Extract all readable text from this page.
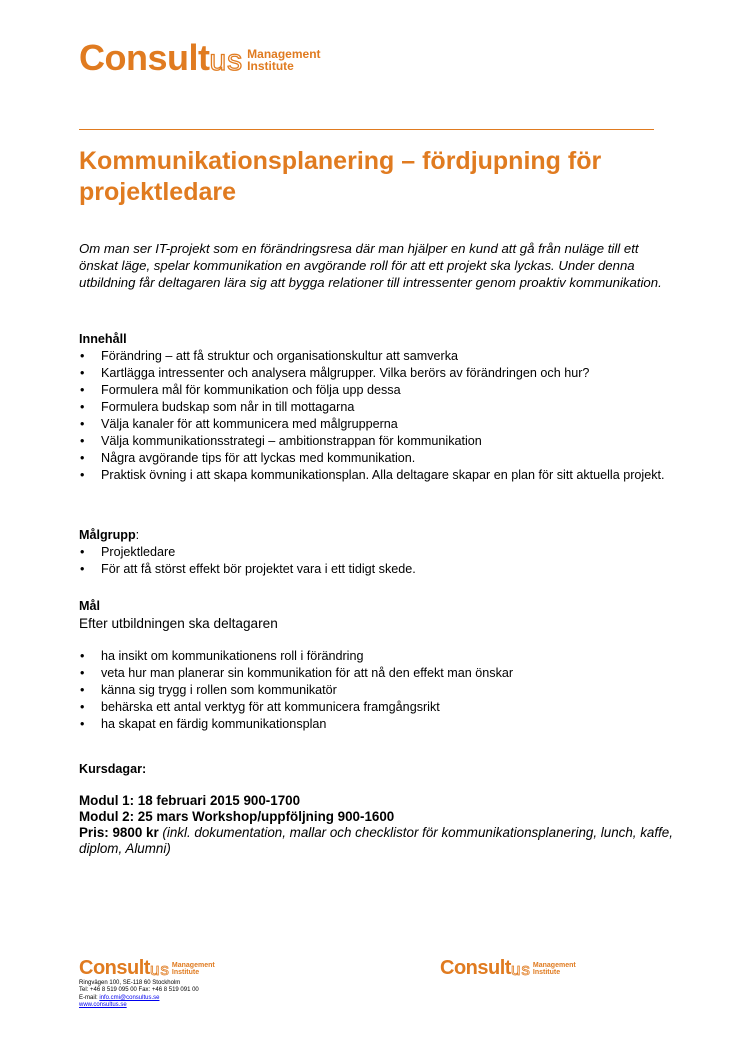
Consult us Management
Institute
Kommunikationsplanering – fördjupning för projektledare

Om man ser IT-projekt som en förändringsresa där man hjälper en kund att gå från nuläge till ett önskat läge, spelar kommunikation en avgörande roll för att ett projekt ska lyckas. Under denna utbildning får deltagaren lära sig att bygga relationer till intressenter genom proaktiv kommunikation.

Innehåll
• Förändring – att få struktur och organisationskultur att samverka
• Kartlägga intressenter och analysera målgrupper. Vilka berörs av förändringen och hur?
• Formulera mål för kommunikation och följa upp dessa
• Formulera budskap som når in till mottagarna
• Välja kanaler för att kommunicera med målgrupperna
• Välja kommunikationsstrategi – ambitionstrappan för kommunikation
• Några avgörande tips för att lyckas med kommunikation.
• Praktisk övning i att skapa kommunikationsplan. Alla deltagare skapar en plan för sitt aktuella projekt.
Målgrupp:
• Projektledare
• För att få störst effekt bör projektet vara i ett tidigt skede.
Mål
Efter utbildningen ska deltagaren
• ha insikt om kommunikationens roll i förändring
• veta hur man planerar sin kommunikation för att nå den effekt man önskar
• känna sig trygg i rollen som kommunikatör
• behärska ett antal verktyg för att kommunicera framgångsrikt
• ha skapat en färdig kommunikationsplan
Kursdagar:
Modul 1: 18 februari 2015 900-1700
Modul 2: 25 mars Workshop/uppföljning 900-1600
Pris: 9800 kr (inkl. dokumentation, mallar och checklistor för kommunikationsplanering, lunch, kaffe, diplom, Alumni)
Consult us Management
Institute
Ringvägen 100, SE-118 60 Stockholm
Tel: +46 8 519 095 00 Fax: +46 8 519 091 00
E-mail: info.cmi@consultus.se
www.consultus.se
Consult us Management
Institute
